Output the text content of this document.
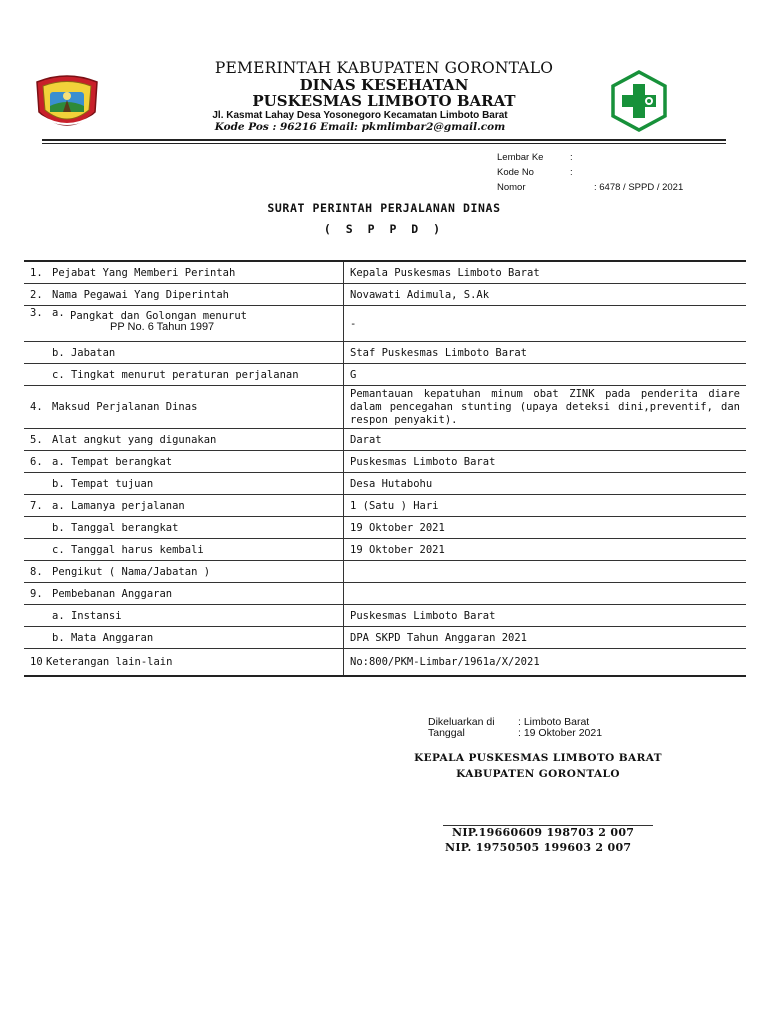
PEMERINTAH KABUPATEN GORONTALO
DINAS KESEHATAN
PUSKESMAS LIMBOTO BARAT
Jl. Kasmat Lahay Desa Yosonegoro Kecamatan Limboto Barat
Kode Pos : 96216 Email: pkmlimbar2@gmail.com
Lembar Ke	:
Kode No	:
Nomor	: 6478 / SPPD / 2021
SURAT PERINTAH PERJALANAN DINAS
( S P P D )
1. Pejabat Yang Memberi Perintah	Kepala Puskesmas Limboto Barat
2. Nama Pegawai Yang Diperintah	Novawati Adimula, S.Ak

3. a. Pangkat dan Golongan menurut
PP No. 6 Tahun 1997	-
b. Jabatan	Staf Puskesmas Limboto Barat
c. Tingkat menurut peraturan perjalanan	G
4. Maksud Perjalanan Dinas	Pemantauan kepatuhan minum obat ZINK pada penderita diare dalam pencegahan stunting (upaya deteksi dini,preventif, dan respon penyakit).
5. Alat angkut yang digunakan	Darat
6. a. Tempat berangkat	Puskesmas Limboto Barat
b. Tempat tujuan	Desa Hutabohu
7. a. Lamanya perjalanan	1 (Satu ) Hari
b. Tanggal berangkat	19 Oktober 2021
c. Tanggal harus kembali	19 Oktober 2021
8. Pengikut ( Nama/Jabatan )	
9. Pembebanan Anggaran	
a. Instansi	Puskesmas Limboto Barat
b. Mata Anggaran	DPA SKPD Tahun Anggaran 2021
10 Keterangan lain-lain	No:800/PKM-Limbar/1961a/X/2021
Dikeluarkan di : Limboto Barat
Tanggal	: 19 Oktober 2021
KEPALA PUSKESMAS LIMBOTO BARAT
KABUPATEN GORONTALO
NIP.19660609 198703 2 007
NIP. 19750505 199603 2 007
